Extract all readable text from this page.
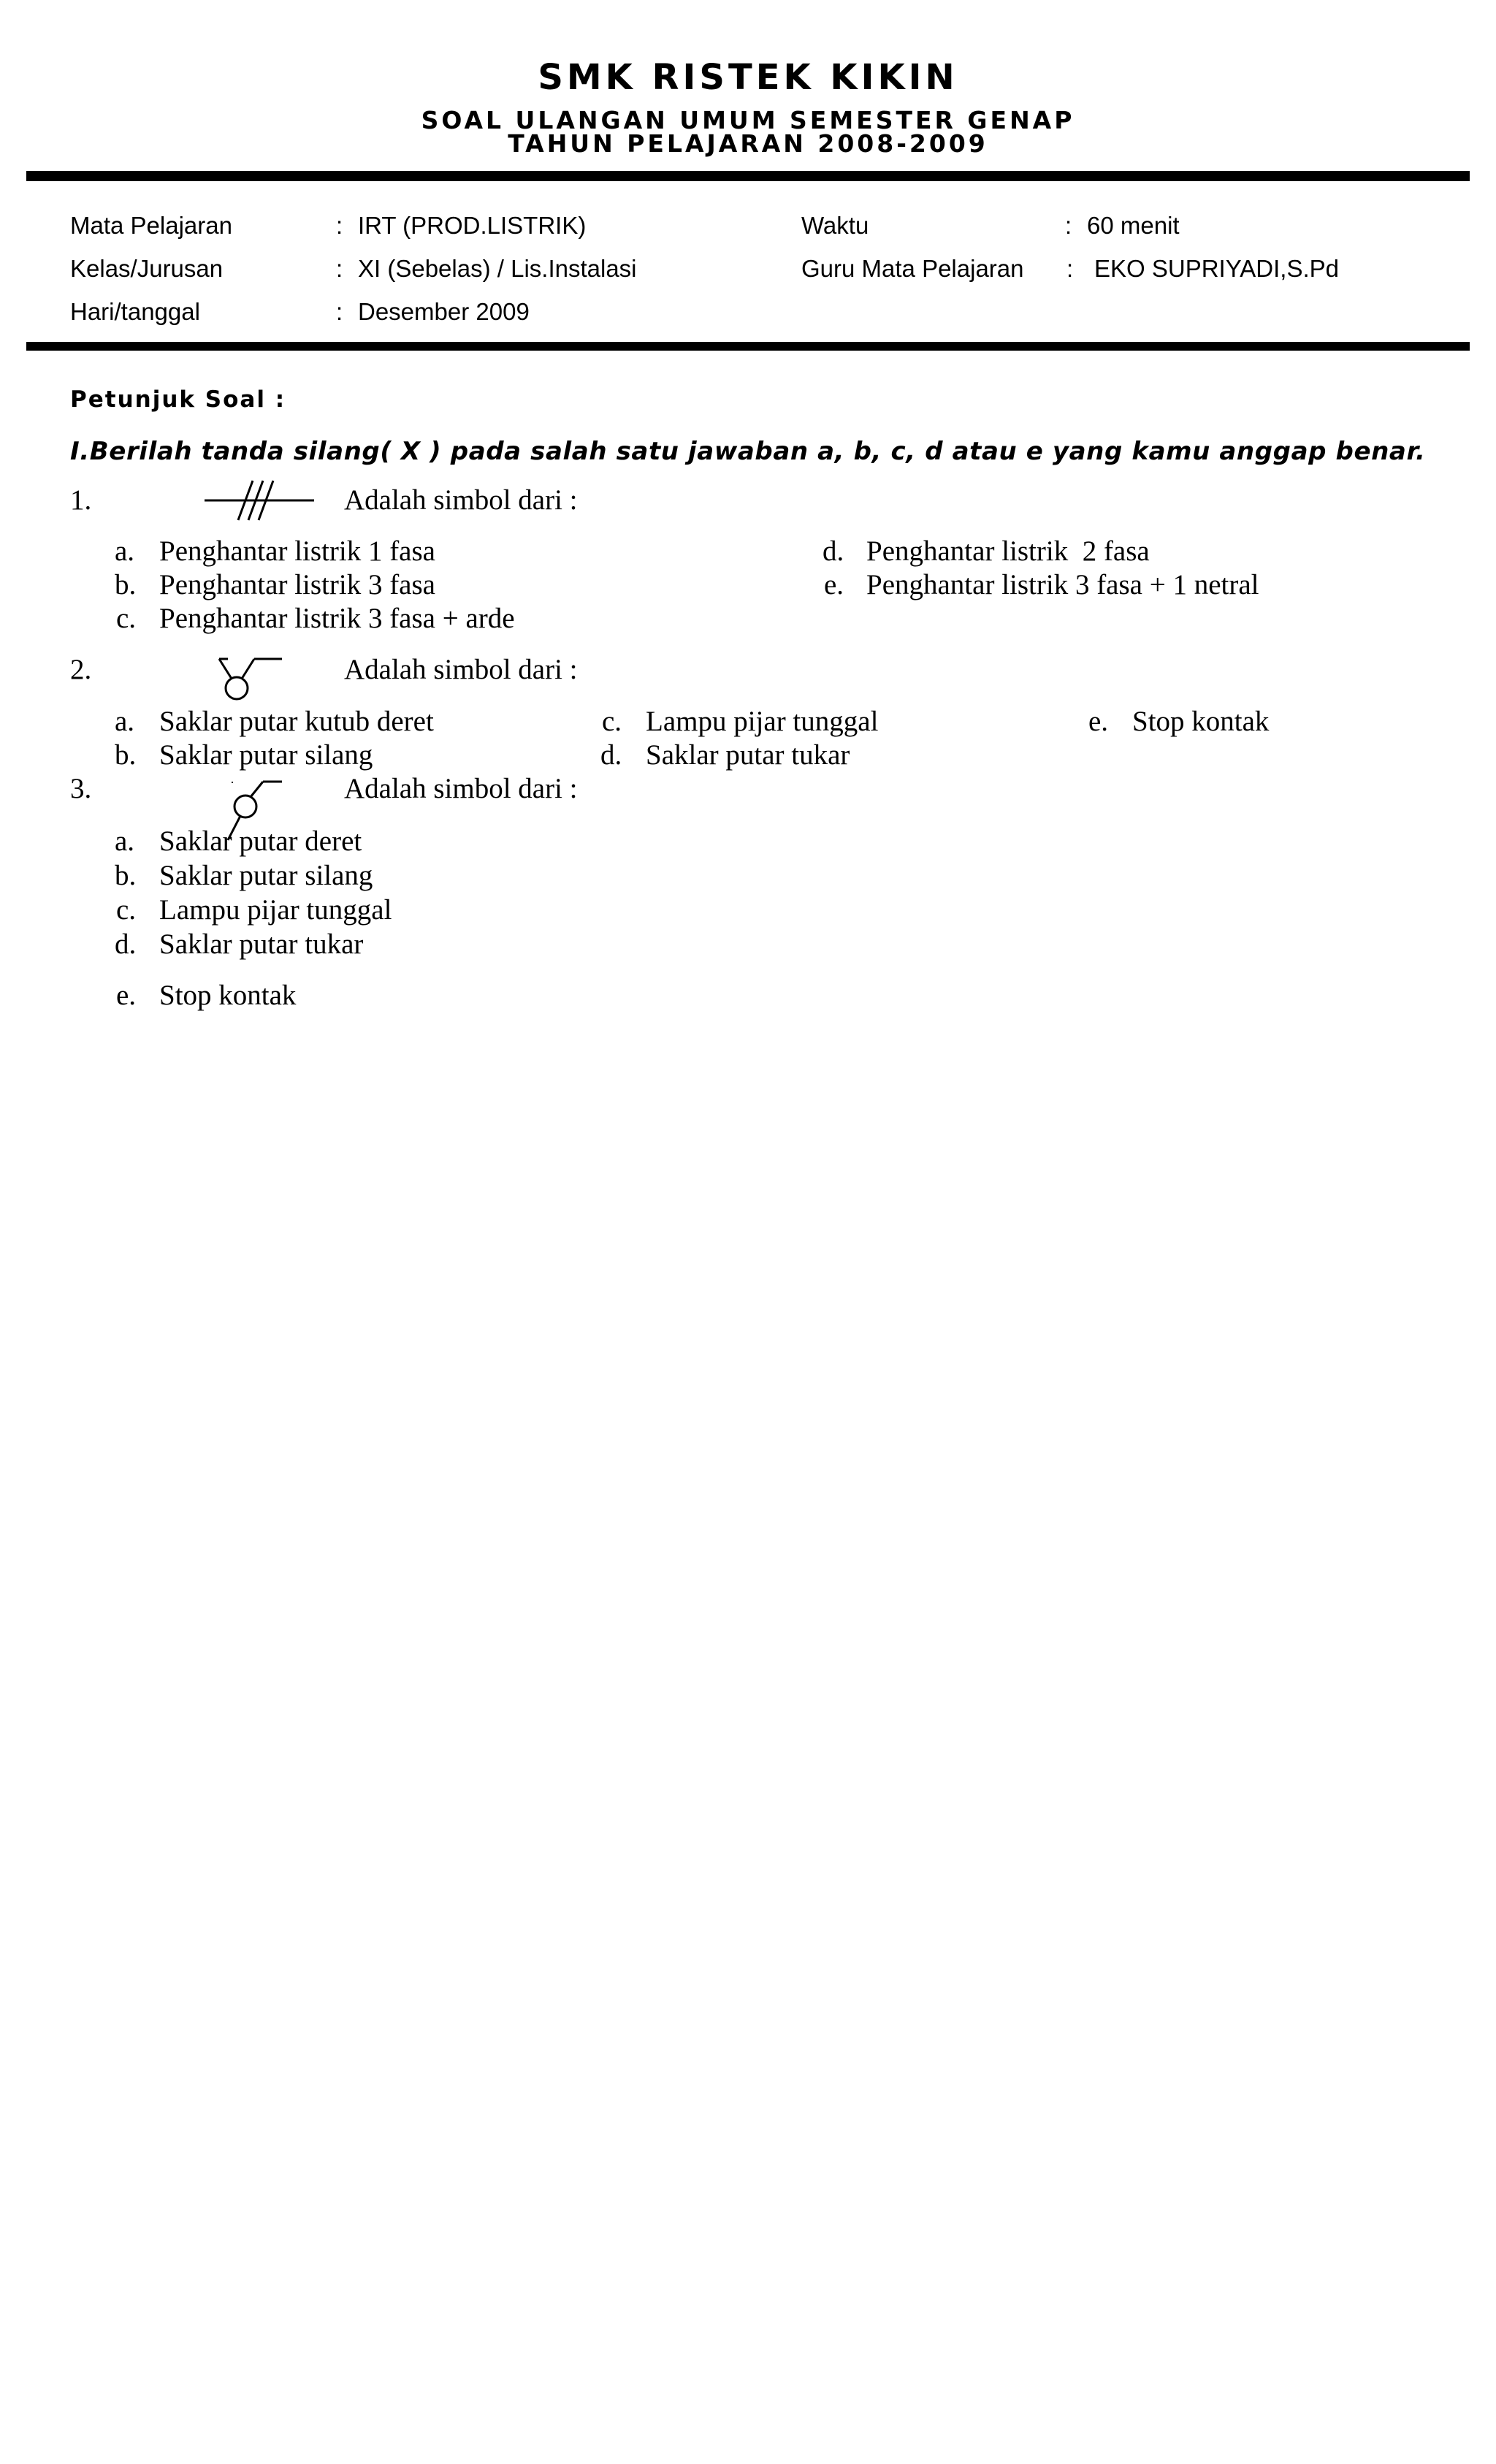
SMK RISTEK KIKIN
SOAL ULANGAN UMUM SEMESTER GENAP
TAHUN PELAJARAN 2008-2009
Mata Pelajaran	: IRT (PROD.LISTRIK)
Kelas/Jurusan	: XI (Sebelas) / Lis.Instalasi
Hari/tanggal	: Desember 2009
Waktu	: 60 menit
Guru Mata Pelajaran : EKO SUPRIYADI,S.Pd
Petunjuk Soal :
I.Berilah tanda silang( X ) pada salah satu jawaban a, b, c, d atau e yang kamu anggap benar.
1.	Adalah simbol dari :
a. Penghantar listrik 1 fasa
b. Penghantar listrik 3 fasa
c. Penghantar listrik 3 fasa + arde
d. Penghantar listrik  2 fasa
e. Penghantar listrik 3 fasa + 1 netral
2.	Adalah simbol dari :
a. Saklar putar kutub deret
b. Saklar putar silang
c. Lampu pijar tunggal
d. Saklar putar tukar
e. Stop kontak
3.	Adalah simbol dari :
a. Saklar putar deret
b. Saklar putar silang
c. Lampu pijar tunggal
d. Saklar putar tukar
e. Stop kontak
